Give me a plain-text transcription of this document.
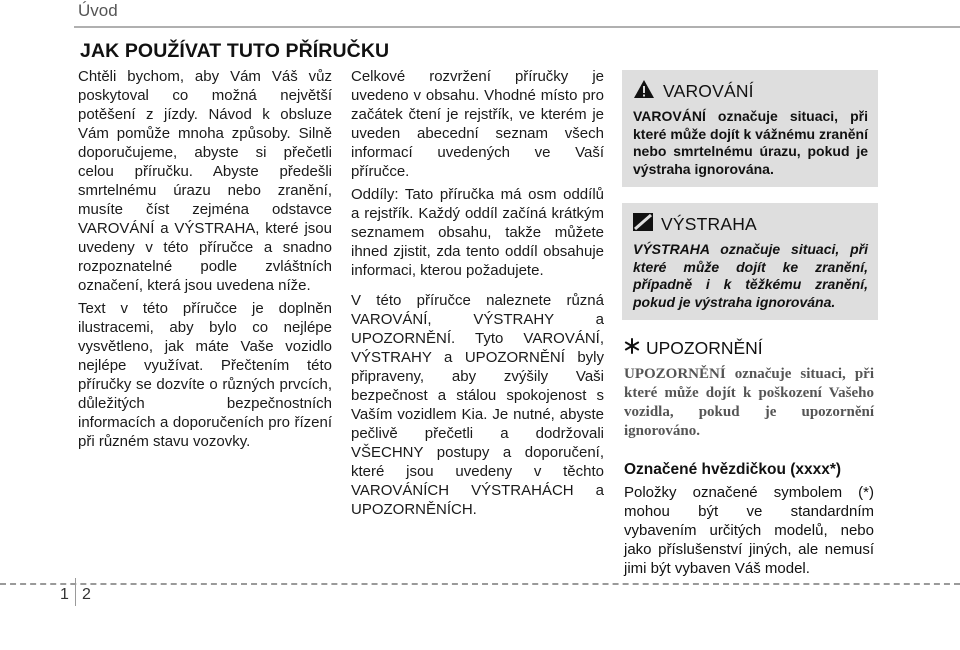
Úvod
JAK POUŽÍVAT TUTO PŘÍRUČKU

Chtěli bychom, aby Vám Váš vůz poskytoval co možná největší potěšení z jízdy. Návod k obsluze Vám pomůže mnoha způsoby. Silně doporučujeme, abyste si přečetli celou příručku. Abyste předešli smrtelnému úrazu nebo zranění, musíte číst zejména odstavce VAROVÁNÍ a VÝSTRAHA, které jsou uvedeny v této příručce a snadno rozpoznatelné podle zvláštních označení, která jsou uvedena níže.

Text v této příručce je doplněn ilustracemi, aby bylo co nejlépe vysvětleno, jak máte Vaše vozidlo nejlépe využívat. Přečtením této příručky se dozvíte o různých prvcích, důležitých bezpečnostních informacích a doporučeních pro řízení při různém stavu vozovky.

Celkové rozvržení příručky je uvedeno v obsahu. Vhodné místo pro začátek čtení je rejstřík, ve kterém je uveden abecední seznam všech informací uvedených ve Vaší příručce.

Oddíly: Tato příručka má osm oddílů a rejstřík. Každý oddíl začíná krátkým seznamem obsahu, takže můžete ihned zjistit, zda tento oddíl obsahuje informaci, kterou požadujete.

V této příručce naleznete různá VAROVÁNÍ, VÝSTRAHY a UPOZORNĚNÍ. Tyto VAROVÁNÍ, VÝSTRAHY a UPOZORNĚNÍ byly připraveny, aby zvýšily Vaši bezpečnost a stálou spokojenost s Vaším vozidlem Kia. Je nutné, abyste pečlivě přečetli a dodržovali VŠECHNY postupy a doporučení, které jsou uvedeny v těchto VAROVÁNÍCH VÝSTRAHÁCH a UPOZORNĚNÍCH.

VAROVÁNÍ
VAROVÁNÍ označuje situaci, při které může dojít k vážnému zranění nebo smrtelnému úrazu, pokud je výstraha ignorována.
VÝSTRAHA
VÝSTRAHA označuje situaci, při které může dojít ke zranění, případně i k těžkému zranění, pokud je výstraha ignorována.
UPOZORNĚNÍ
UPOZORNĚNÍ označuje situaci, při které může dojít k poškození Vašeho vozidla, pokud je upozornění ignorováno.
Označené hvězdičkou (xxxx*)
Položky označené symbolem (*) mohou být ve standardním vybavením určitých modelů, nebo jako příslušenství jiných, ale nemusí jimi být vybaven Váš model.
1 2
